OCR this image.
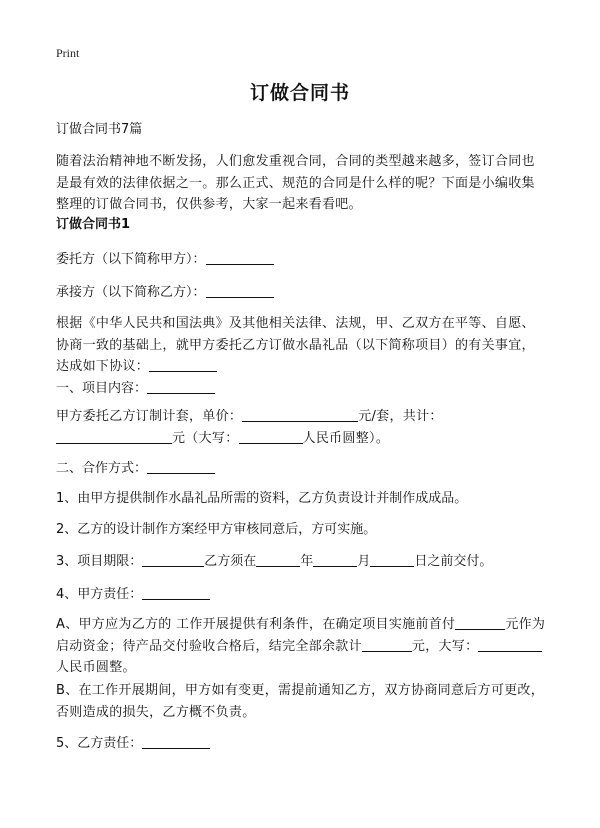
Print
订做合同书
订做合同书7篇
随着法治精神地不断发扬，人们愈发重视合同，合同的类型越来越多，签订合同也是最有效的法律依据之一。那么正式、规范的合同是什么样的呢？下面是小编收集整理的订做合同书，仅供参考，大家一起来看看吧。
订做合同书1
委托方（以下简称甲方）：
承接方（以下简称乙方）：
根据《中华人民共和国法典》及其他相关法律、法规，甲、乙双方在平等、自愿、协商一致的基础上，就甲方委托乙方订做水晶礼品（以下简称项目）的有关事宜，达成如下协议：
一、项目内容：
甲方委托乙方订制计套，单价：	元/套，共计：
元（大写：	人民币圆整）。
二、合作方式：
1、由甲方提供制作水晶礼品所需的资料，乙方负责设计并制作成成品。
2、乙方的设计制作方案经甲方审核同意后，方可实施。
3、项目期限：	乙方须在	年	月	日之前交付。
4、甲方责任：
A、甲方应为乙方的 工作开展提供有利条件，在确定项目实施前首付	元作为启动资金；待产品交付验收合格后，结完全部余款计	元，大写：人民币圆整。
B、在工作开展期间，甲方如有变更，需提前通知乙方，双方协商同意后方可更改，否则造成的损失，乙方概不负责。
5、乙方责任：
